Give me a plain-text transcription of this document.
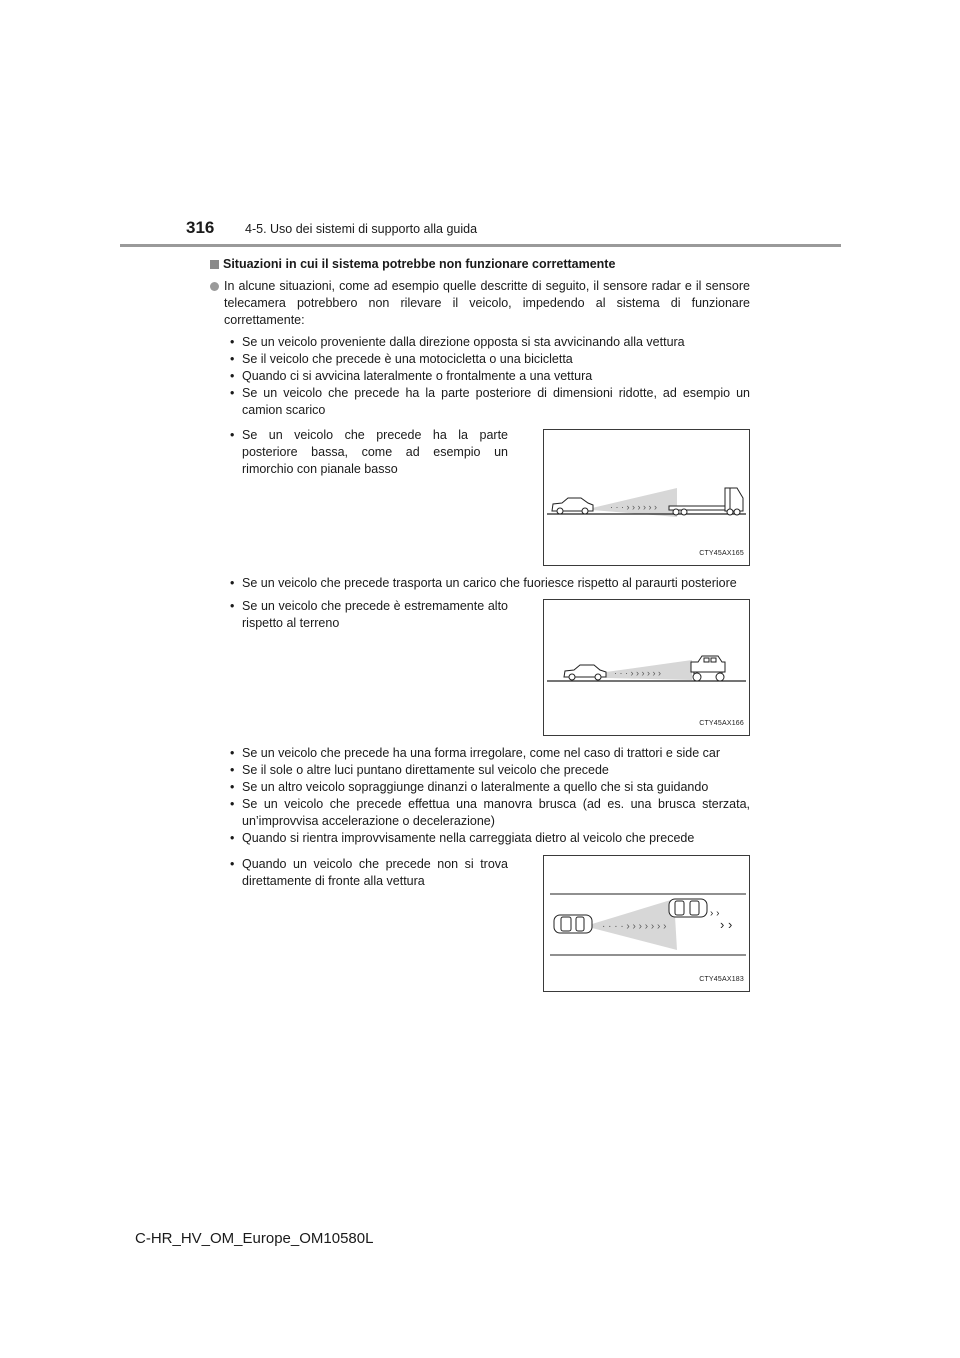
316 4-5. Uso dei sistemi di supporto alla guida
Situazioni in cui il sistema potrebbe non funzionare correttamente
In alcune situazioni, come ad esempio quelle descritte di seguito, il sensore radar e il sensore telecamera potrebbero non rilevare il veicolo, impedendo al sistema di funzionare correttamente:
• Se un veicolo proveniente dalla direzione opposta si sta avvicinando alla vettura
• Se il veicolo che precede è una motocicletta o una bicicletta
• Quando ci si avvicina lateralmente o frontalmente a una vettura
• Se un veicolo che precede ha la parte posteriore di dimensioni ridotte, ad esempio un camion scarico
• Se un veicolo che precede ha la parte posteriore bassa, come ad esempio un rimorchio con pianale basso
· · · › › › › › ›
CTY45AX165
• Se un veicolo che precede trasporta un carico che fuoriesce rispetto al paraurti posteriore
• Se un veicolo che precede è estremamente alto rispetto al terreno
· · · › › › › › ›
CTY45AX166
• Se un veicolo che precede ha una forma irregolare, come nel caso di trattori e side car
• Se il sole o altre luci puntano direttamente sul veicolo che precede
• Se un altro veicolo sopraggiunge dinanzi o lateralmente a quello che si sta guidando
• Se un veicolo che precede effettua una manovra brusca (ad es. una brusca sterzata, un’improvvisa accelerazione o decelerazione)
• Quando si rientra improvvisamente nella carreggiata dietro al veicolo che precede
• Quando un veicolo che precede non si trova direttamente di fronte alla vettura
· · · · › › › › › › ›
› ›
› ›
CTY45AX183
C-HR_HV_OM_Europe_OM10580L
